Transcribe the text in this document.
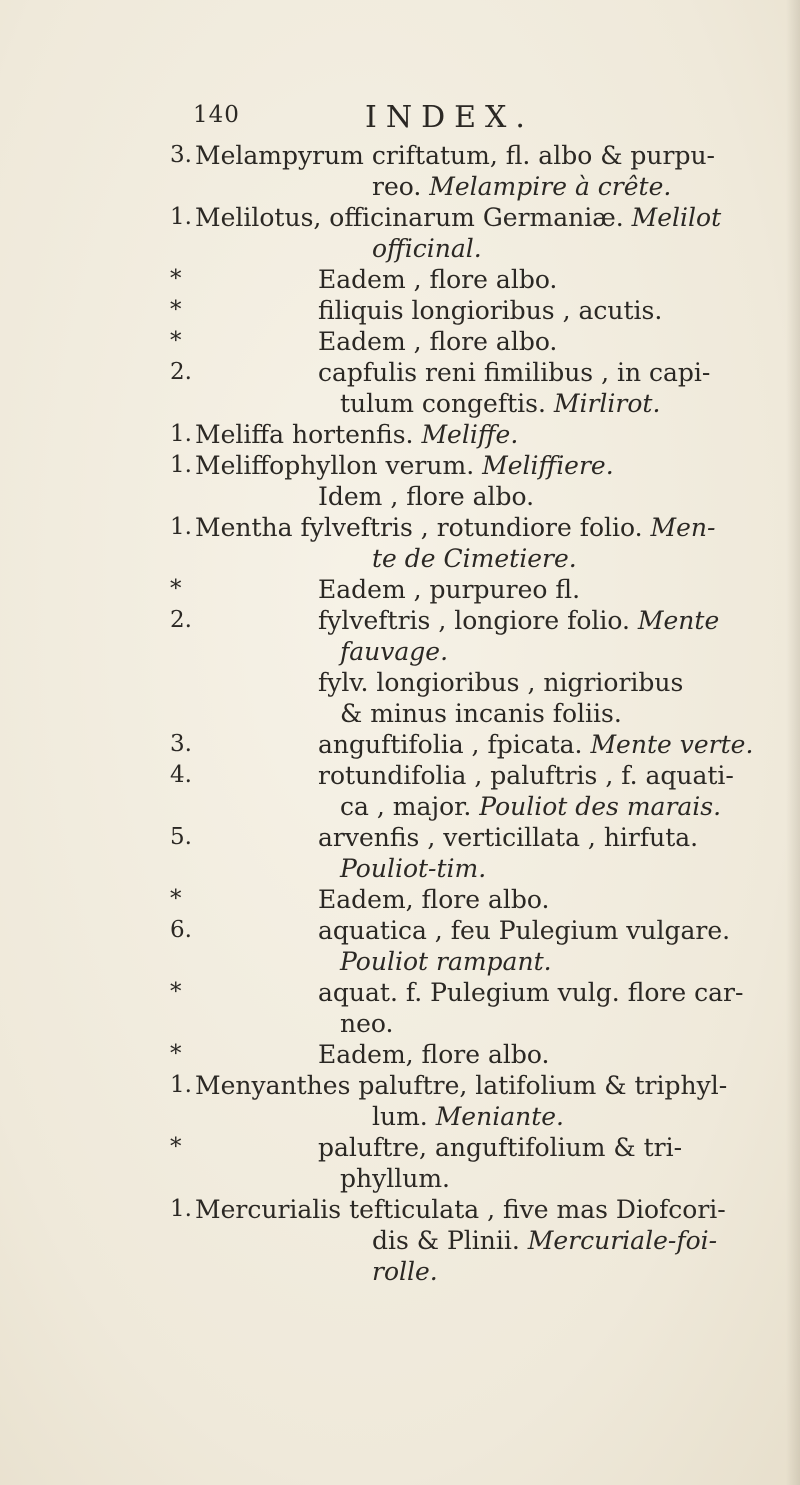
140	INDEX.
3. Melampyrum criftatum, fl. albo & purpu-
reo. Melampire à crête.
1. Melilotus, officinarum Germaniæ. Melilot
officinal.
*	Eadem , flore albo.
*	filiquis longioribus , acutis.
*	Eadem , flore albo.
2.	capfulis reni fimilibus , in capi-
tulum congeftis. Mirlirot.
1. Meliffa hortenfis. Meliffe.
1. Meliffophyllon verum. Meliffiere.
Idem , flore albo.
1. Mentha fylveftris , rotundiore folio. Men-
te de Cimetiere.
*	Eadem , purpureo fl.
2.	fylveftris , longiore folio. Mente
fauvage.
fylv. longioribus , nigrioribus
& minus incanis foliis.
3.	anguftifolia , fpicata. Mente verte.
4.	rotundifolia , paluftris , f. aquati-
ca , major. Pouliot des marais.
5.	arvenfis , verticillata , hirfuta.
Pouliot-tim.
*	Eadem, flore albo.
6.	aquatica , feu Pulegium vulgare.
Pouliot rampant.
*	aquat. f. Pulegium vulg. flore car-
neo.
*	Eadem, flore albo.
1. Menyanthes paluftre, latifolium & triphyl-
lum. Meniante.
*	paluftre, anguftifolium & tri-
phyllum.
1. Mercurialis tefticulata , five mas Diofcori-
dis & Plinii. Mercuriale-foi-
rolle.
